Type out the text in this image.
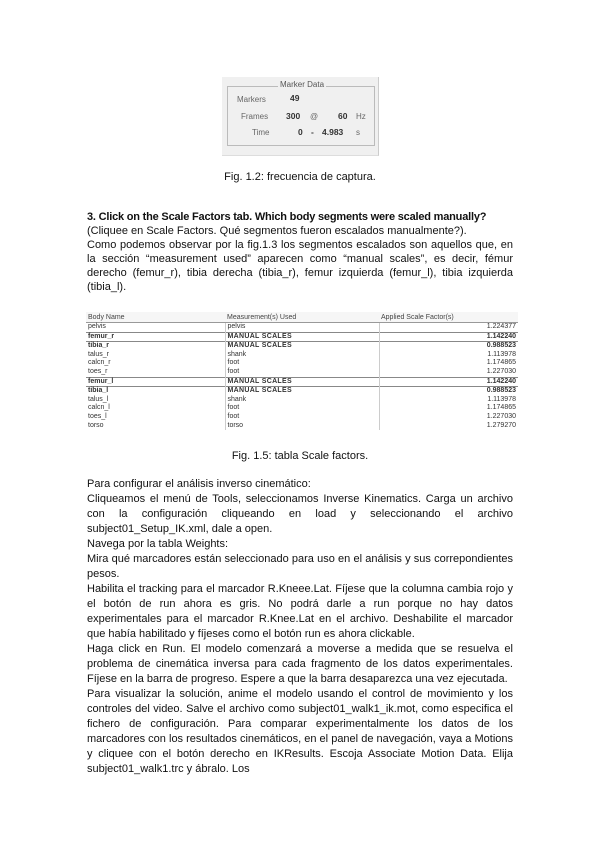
Marker Data
Markers	49
Frames 300 @ 60 Hz
Time	0 - 4.983 s
Fig. 1.2: frecuencia de captura.
3. Click on the Scale Factors tab. Which body segments were scaled manually?
(Cliquee en Scale Factors. Qué segmentos fueron escalados manualmente?).
Como podemos observar por la fig.1.3 los segmentos escalados son aquellos que, en la sección “measurement used” aparecen como “manual scales”, es decir, fémur derecho (femur_r), tibia derecha (tibia_r), femur izquierda (femur_l), tibia izquierda (tibia_l).
Body Name	Measurement(s) Used	Applied Scale Factor(s)
pelvis	pelvis	1.224377
femur_r	MANUAL SCALES	1.142240
tibia_r	MANUAL SCALES	0.988523
talus_r	shank	1.113978
calcn_r	foot	1.174865
toes_r	foot	1.227030
femur_l	MANUAL SCALES	1.142240
tibia_l	MANUAL SCALES	0.988523
talus_l	shank	1.113978
calcn_l	foot	1.174865
toes_l	foot	1.227030
torso	torso	1.279270
Fig. 1.5: tabla Scale factors.
Para configurar el análisis inverso cinemático:
Cliqueamos el menú de Tools, seleccionamos Inverse Kinematics. Carga un archivo con la configuración cliqueando en load y seleccionando el archivo subject01_Setup_IK.xml, dale a open.
Navega por la tabla Weights:
Mira qué marcadores están seleccionado para uso en el análisis y sus correpondientes pesos.
Habilita el tracking para el marcador R.Kneee.Lat. Fíjese que la columna cambia rojo y el botón de run ahora es gris. No podrá darle a run porque no hay datos experimentales para el marcador R.Knee.Lat en el archivo. Deshabilite el marcador que había habilitado y fíjeses como el botón run es ahora clickable.
Haga click en Run. El modelo comenzará a moverse a medida que se resuelva el problema de cinemática inversa para cada fragmento de los datos experimentales. Fíjese en la barra de progreso. Espere a que la barra desaparezca una vez ejecutada.
Para visualizar la solución, anime el modelo usando el control de movimiento y los controles del video. Salve el archivo como subject01_walk1_ik.mot, como especifica el fichero de configuración. Para comparar experimentalmente los datos de los marcadores con los resultados cinemáticos, en el panel de navegación, vaya a Motions y cliquee con el botón derecho en IKResults. Escoja Associate Motion Data. Elija subject01_walk1.trc y ábralo. Los
